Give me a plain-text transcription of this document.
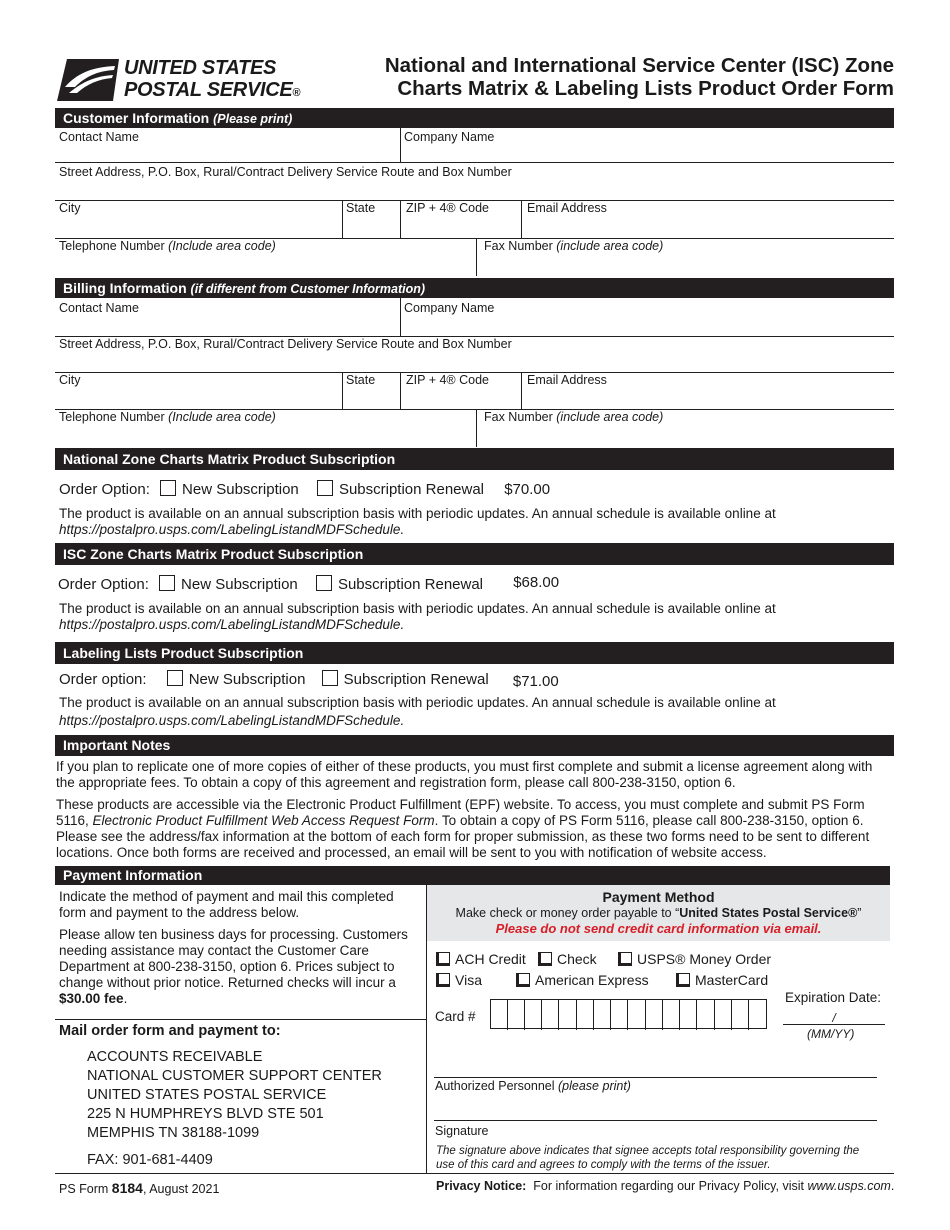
UNITED STATES
POSTAL SERVICE®
National and International Service Center (ISC) Zone
Charts Matrix & Labeling Lists Product Order Form
Customer Information (Please print)
Contact Name	Company Name
Street Address, P.O. Box, Rural/Contract Delivery Service Route and Box Number
City	State ZIP + 4® Code	Email Address
Telephone Number (Include area code)	Fax Number (include area code)
Billing Information (if different from Customer Information)
Contact Name	Company Name
Street Address, P.O. Box, Rural/Contract Delivery Service Route and Box Number
City	State ZIP + 4® Code	Email Address
Telephone Number (Include area code)	Fax Number (include area code)
National Zone Charts Matrix Product Subscription
Order Option: New Subscription	Subscription Renewal $70.00
The product is available on an annual subscription basis with periodic updates. An annual schedule is available online at
https://postalpro.usps.com/LabelingListandMDFSchedule.
ISC Zone Charts Matrix Product Subscription
Order Option: New Subscription	Subscription Renewal $68.00
The product is available on an annual subscription basis with periodic updates. An annual schedule is available online at
https://postalpro.usps.com/LabelingListandMDFSchedule.
Labeling Lists Product Subscription
Order option:	New Subscription	Subscription Renewal $71.00
The product is available on an annual subscription basis with periodic updates. An annual schedule is available online at
https://postalpro.usps.com/LabelingListandMDFSchedule.
Important Notes
If you plan to replicate one of more copies of either of these products, you must first complete and submit a license agreement along with the appropriate fees. To obtain a copy of this agreement and registration form, please call 800-238-3150, option 6.
These products are accessible via the Electronic Product Fulfillment (EPF) website. To access, you must complete and submit PS Form 5116, Electronic Product Fulfillment Web Access Request Form. To obtain a copy of PS Form 5116, please call 800-238-3150, option 6. Please see the address/fax information at the bottom of each form for proper submission, as these two forms need to be sent to different locations. Once both forms are received and processed, an email will be sent to you with notification of website access.
Payment Information
Indicate the method of payment and mail this completed form and payment to the address below.
Please allow ten business days for processing. Customers needing assistance may contact the Customer Care Department at 800-238-3150, option 6. Prices subject to change without prior notice. Returned checks will incur a $30.00 fee.
Mail order form and payment to:
ACCOUNTS RECEIVABLE
NATIONAL CUSTOMER SUPPORT CENTER
UNITED STATES POSTAL SERVICE
225 N HUMPHREYS BLVD STE 501
MEMPHIS TN 38188-1099
FAX: 901-681-4409
Payment Method
Make check or money order payable to “United States Postal Service®”
Please do not send credit card information via email.
ACH Credit	Check	USPS® Money Order
Visa	American Express	MasterCard
Card #
Expiration Date:
/
(MM/YY)
Authorized Personnel (please print)
Signature
The signature above indicates that signee accepts total responsibility governing the use of this card and agrees to comply with the terms of the issuer.
PS Form 8184, August 2021	Privacy Notice:  For information regarding our Privacy Policy, visit www.usps.com.
